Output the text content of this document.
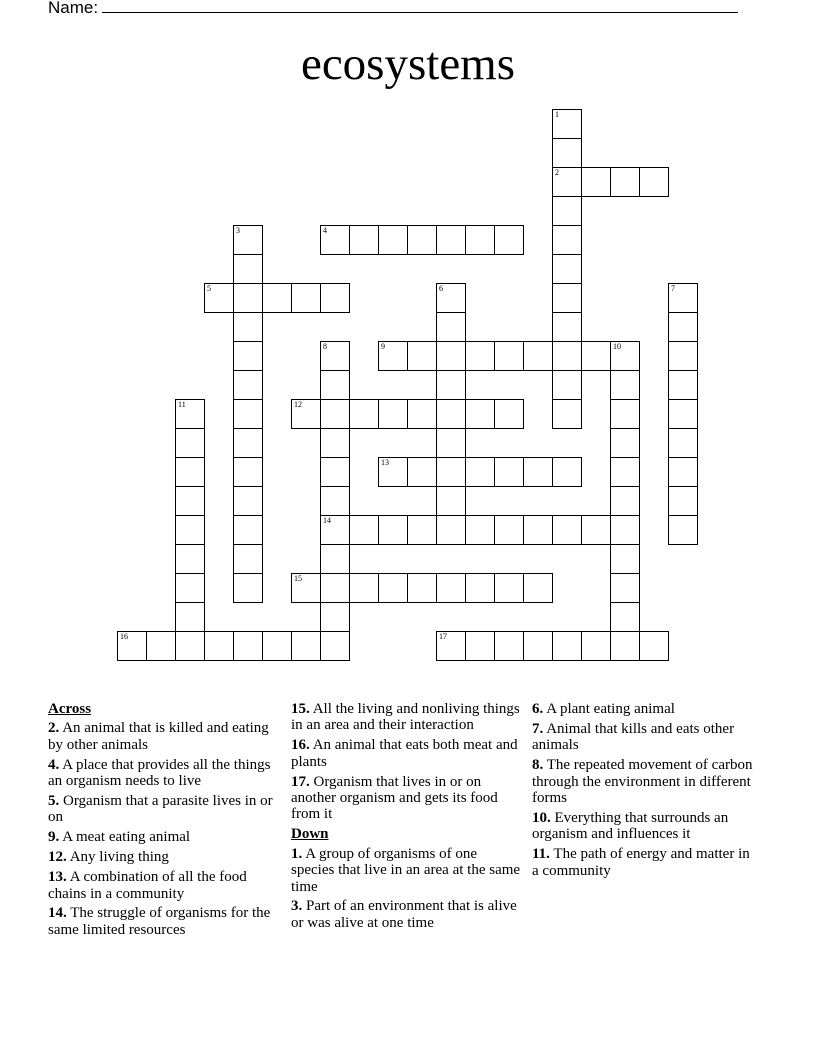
Name:
ecosystems
1
2
3	4
5	6	7
8
14
9	10
11	12
13
15
16	17
Across
2. An animal that is killed and eating by other animals
4. A place that provides all the things an organism needs to live
5. Organism that a parasite lives in or on
9. A meat eating animal
12. Any living thing
13. A combination of all the food chains in a community
14. The struggle of organisms for the same limited resources
15. All the living and nonliving things in an area and their interaction
16. An animal that eats both meat and plants
17. Organism that lives in or on another organism and gets its food from it
Down
1. A group of organisms of one species that live in an area at the same time
3. Part of an environment that is alive or was alive at one time
6. A plant eating animal
7. Animal that kills and eats other animals
8. The repeated movement of carbon through the environment in different forms
10. Everything that surrounds an organism and influences it
11. The path of energy and matter in a community
